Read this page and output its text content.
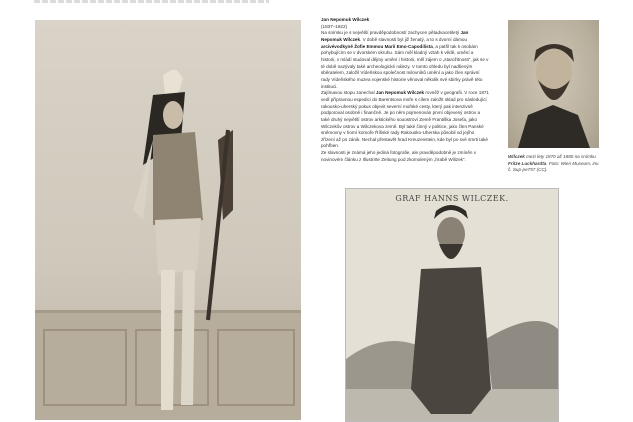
Jan Nepomuk Wilczek

(1837–1922)

Na snímku je s největší pravděpodobností zachycen pětadvacetiletý Jan Nepomuk Wilczek. V době slavnosti byl již ženatý, a to s dvorní dámou arcivévodkyně Žofie Emmou Marií Emo-Capodilista, a patřil tak k osobám pohybujícím se v dvorském okruhu. Sám měl kladný vztah k vědě, umění a historii, v mládí studoval dějiny umění i historii, měl zájem o „starožitnosti“, jak se v té době nazývaly také archeologické nálezy. V tomto ohledu byl nadšeným sběratelem, založil Vídeňskou společnost milovníků umění a jako člen správní rady Vídeňského muzea vojenské historie věnoval několik své sbírky právě této instituci.

Zajímavou stopu zanechal Jan Nepomuk Wilczek rovněž v geografii. V roce 1871 vedl přípravnou expedici do Barentsova moře s cílem založit sklad pro následující rakousko-uherský pokus objevit severní mořské cesty, který pak intenzivně podporoval osobně i finančně. Je po něm pojmenován první objevený ostrov a také druhý největší ostrov arktického souostroví Země Františka Josefa, jako Wilczekův ostrov a Wilczekova země. Byl také činný v politice, jako člen Panské sněmovny v horní komoře Říšské rady Rakousko-Uherska působil od jejího zřízení až po zánik. Nechal přestavět hrad Kreuzenstein, kde byl po své smrti také pohřben.

Ze slavnosti je známá jeho jediná fotografie, ale pravděpodobně je zmíněn v novinovém článku z Illustrirte Zeitung pod zkomoleným „hrabě Wilizek“.

Wilczek mezi lety 1870 až 1880 na snímku Fritze Luckhardta. Foto: Wien Museum, inv. č. Sup-pe757 (CC).
GRAF HANNS WILCZEK.
